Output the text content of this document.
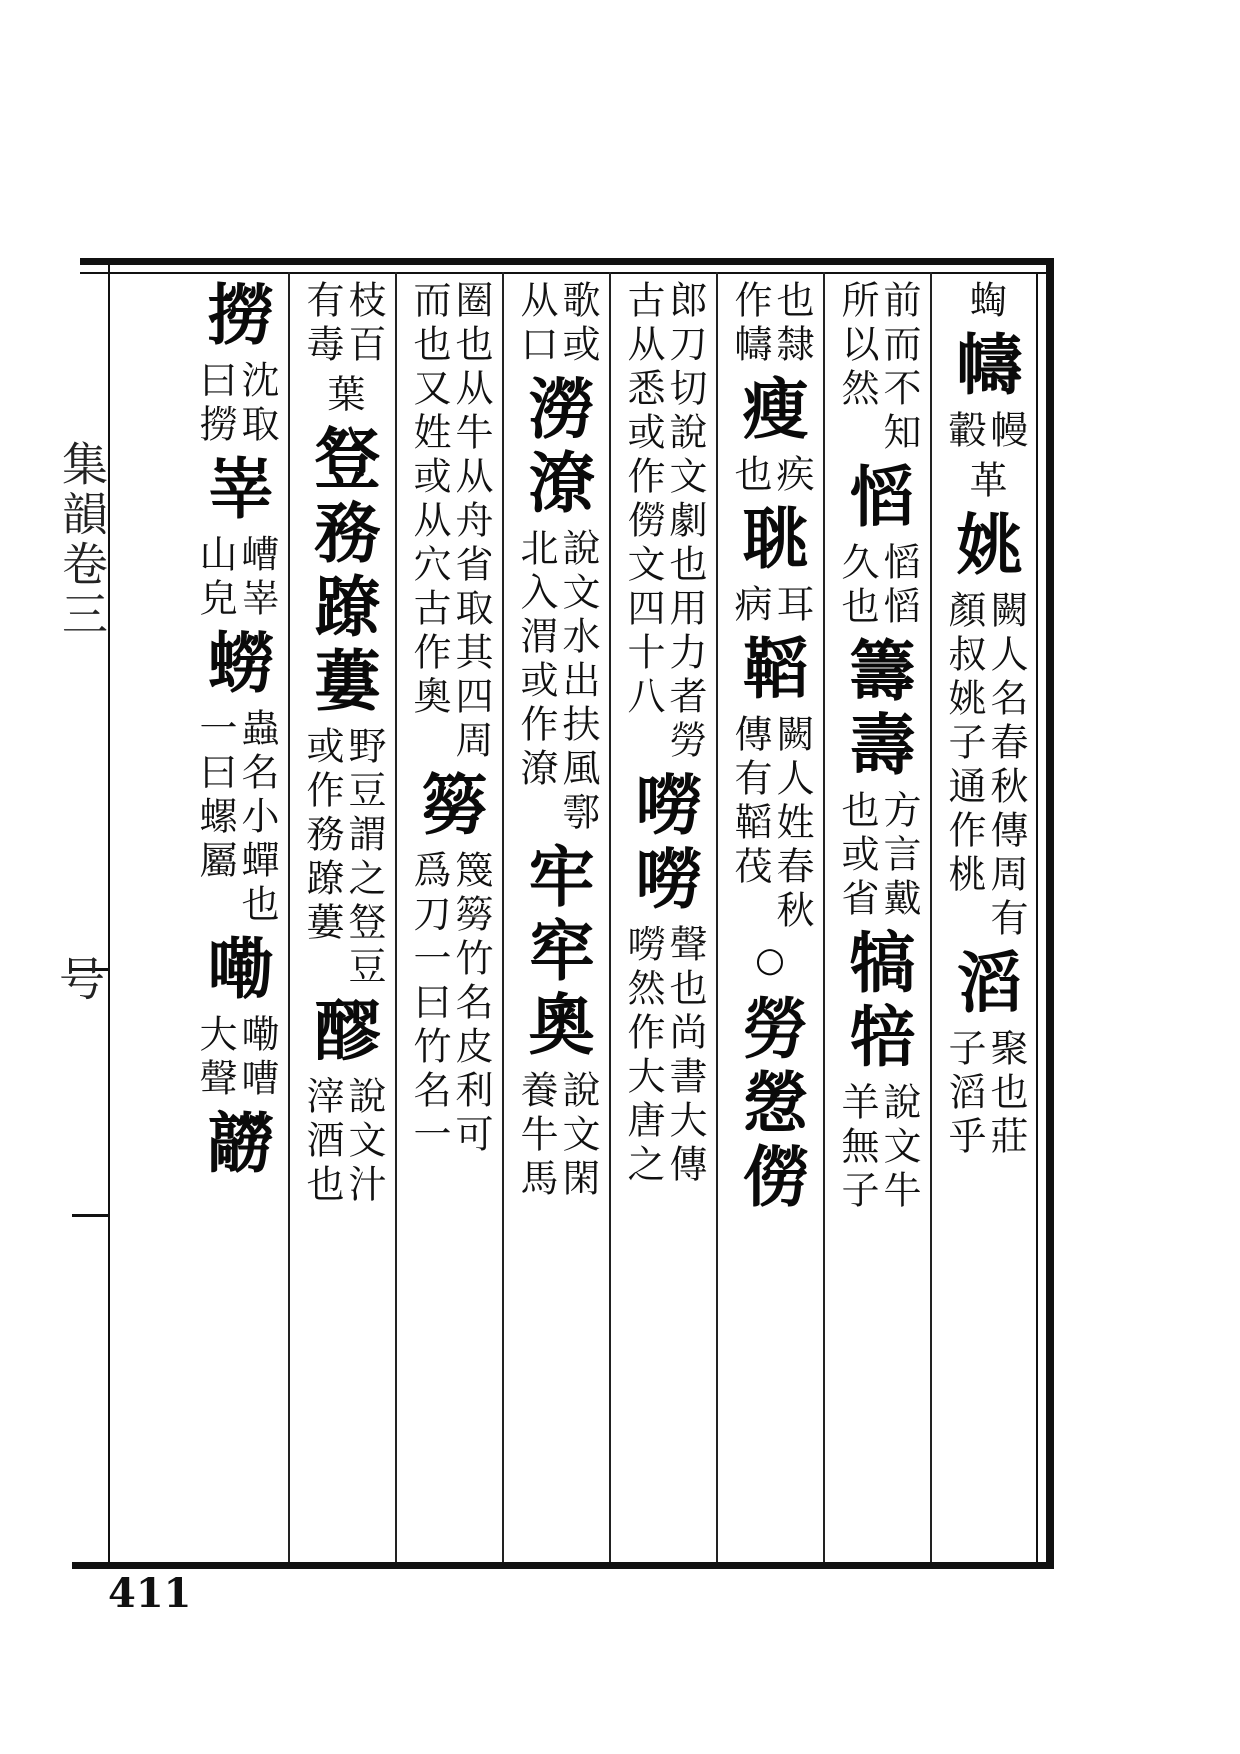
集韻卷三
号
蜪
幬
幔
轂
革
姚
闕人名春秋傳周有
顏叔姚子通作桃
滔
聚也莊
子滔乎
前而不知
所以然
慆
慆慆
久也
籌壽
方言戴
也或省
犒犃
說文牛
羊無子
也隸
作幬
瘦
疾
也
聎
耳
病
鞱
闕人姓春秋
傳有鞱茷
○
勞憥僗
郎刀切說文劇也用力者勞
古从悉或作僗文四十八
嘮嘮
聲也尚書大傳
嘮然作大唐之
歌或
从口
澇潦
說文水出扶風鄠
北入渭或作潦
牢窂奧
說文閑
養牛馬
圈也从牛从舟省取其四周
而也又姓或从穴古作奧
簩
篾簩竹名皮利可
爲刀一曰竹名一
枝百
有毒
葉
豋務蹽蔞
野豆謂之豋豆
或作務蹽蔞
醪
說文汁
滓酒也
撈
沈取
曰撈
峷
嶆峷
山皃
蟧
蟲名小蟬也
一曰螺屬
嘞
嘞嘈
大聲
髝
411
